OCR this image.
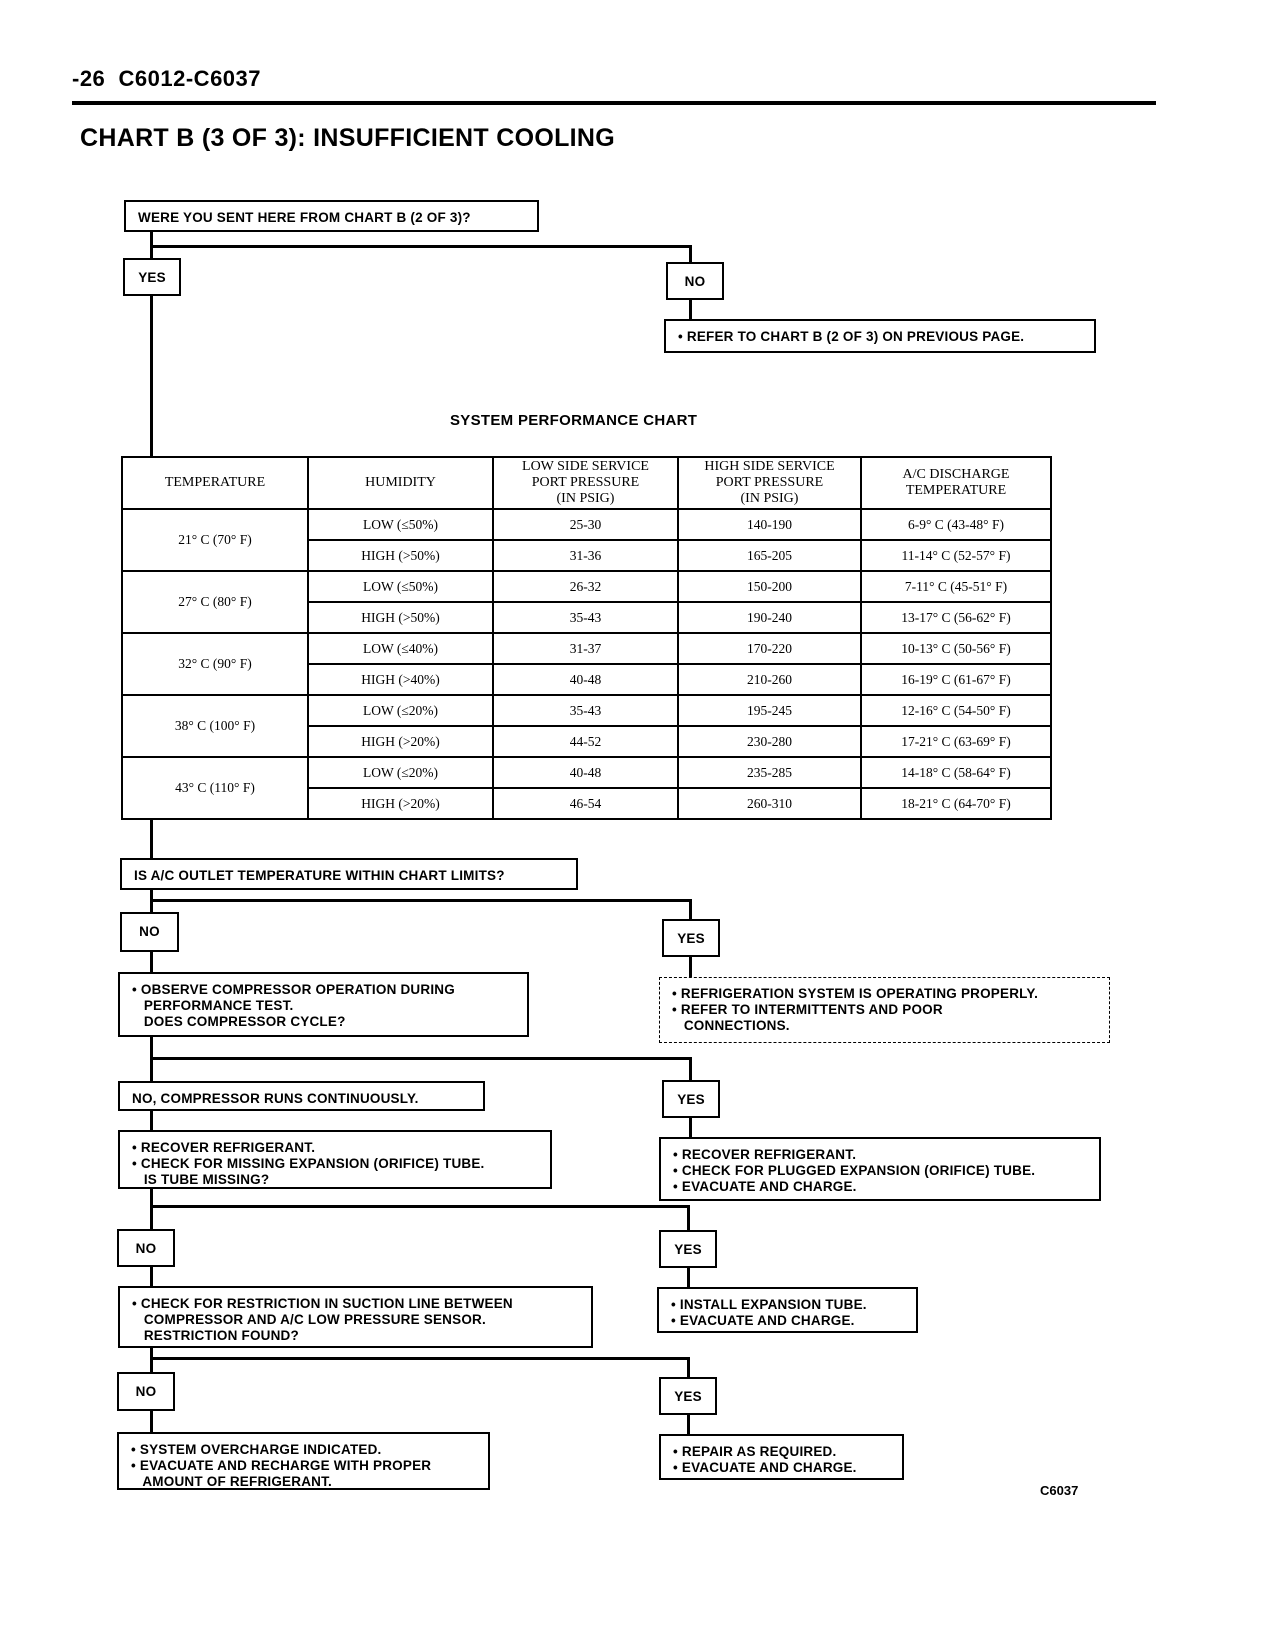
-26  C6012-C6037
CHART B (3 OF 3): INSUFFICIENT COOLING

WERE YOU SENT HERE FROM CHART B (2 OF 3)?

YES	NO

• REFER TO CHART B (2 OF 3) ON PREVIOUS PAGE.

SYSTEM PERFORMANCE CHART
TEMPERATURE	HUMIDITY	LOW SIDE SERVICE
PORT PRESSURE
(IN PSIG)	HIGH SIDE SERVICE
PORT PRESSURE
(IN PSIG)	A/C DISCHARGE
TEMPERATURE
21° C (70° F)	LOW (≤50%)	25-30	140-190	6-9° C (43-48° F)
	HIGH (>50%)	31-36	165-205	11-14° C (52-57° F)
27° C (80° F)	LOW (≤50%)	26-32	150-200	7-11° C (45-51° F)
	HIGH (>50%)	35-43	190-240	13-17° C (56-62° F)
32° C (90° F)	LOW (≤40%)	31-37	170-220	10-13° C (50-56° F)
	HIGH (>40%)	40-48	210-260	16-19° C (61-67° F)
38° C (100° F)	LOW (≤20%)	35-43	195-245	12-16° C (54-50° F)
	HIGH (>20%)	44-52	230-280	17-21° C (63-69° F)
43° C (110° F)	LOW (≤20%)	40-48	235-285	14-18° C (58-64° F)
	HIGH (>20%)	46-54	260-310	18-21° C (64-70° F)

IS A/C OUTLET TEMPERATURE WITHIN CHART LIMITS?

NO	YES

• REFRIGERATION SYSTEM IS OPERATING PROPERLY.

• REFER TO INTERMITTENTS AND POOR

CONNECTIONS.

• OBSERVE COMPRESSOR OPERATION DURING

PERFORMANCE TEST.

DOES COMPRESSOR CYCLE?

NO, COMPRESSOR RUNS CONTINUOUSLY.	YES

• RECOVER REFRIGERANT.

• CHECK FOR PLUGGED EXPANSION (ORIFICE) TUBE.

• EVACUATE AND CHARGE.

• RECOVER REFRIGERANT.

• CHECK FOR MISSING EXPANSION (ORIFICE) TUBE.

IS TUBE MISSING?

NO	YES

• INSTALL EXPANSION TUBE.

• EVACUATE AND CHARGE.

• CHECK FOR RESTRICTION IN SUCTION LINE BETWEEN

COMPRESSOR AND A/C LOW PRESSURE SENSOR.

RESTRICTION FOUND?

NO	YES

• SYSTEM OVERCHARGE INDICATED.

• EVACUATE AND RECHARGE WITH PROPER

AMOUNT OF REFRIGERANT.

• REPAIR AS REQUIRED.

• EVACUATE AND CHARGE.

C6037
